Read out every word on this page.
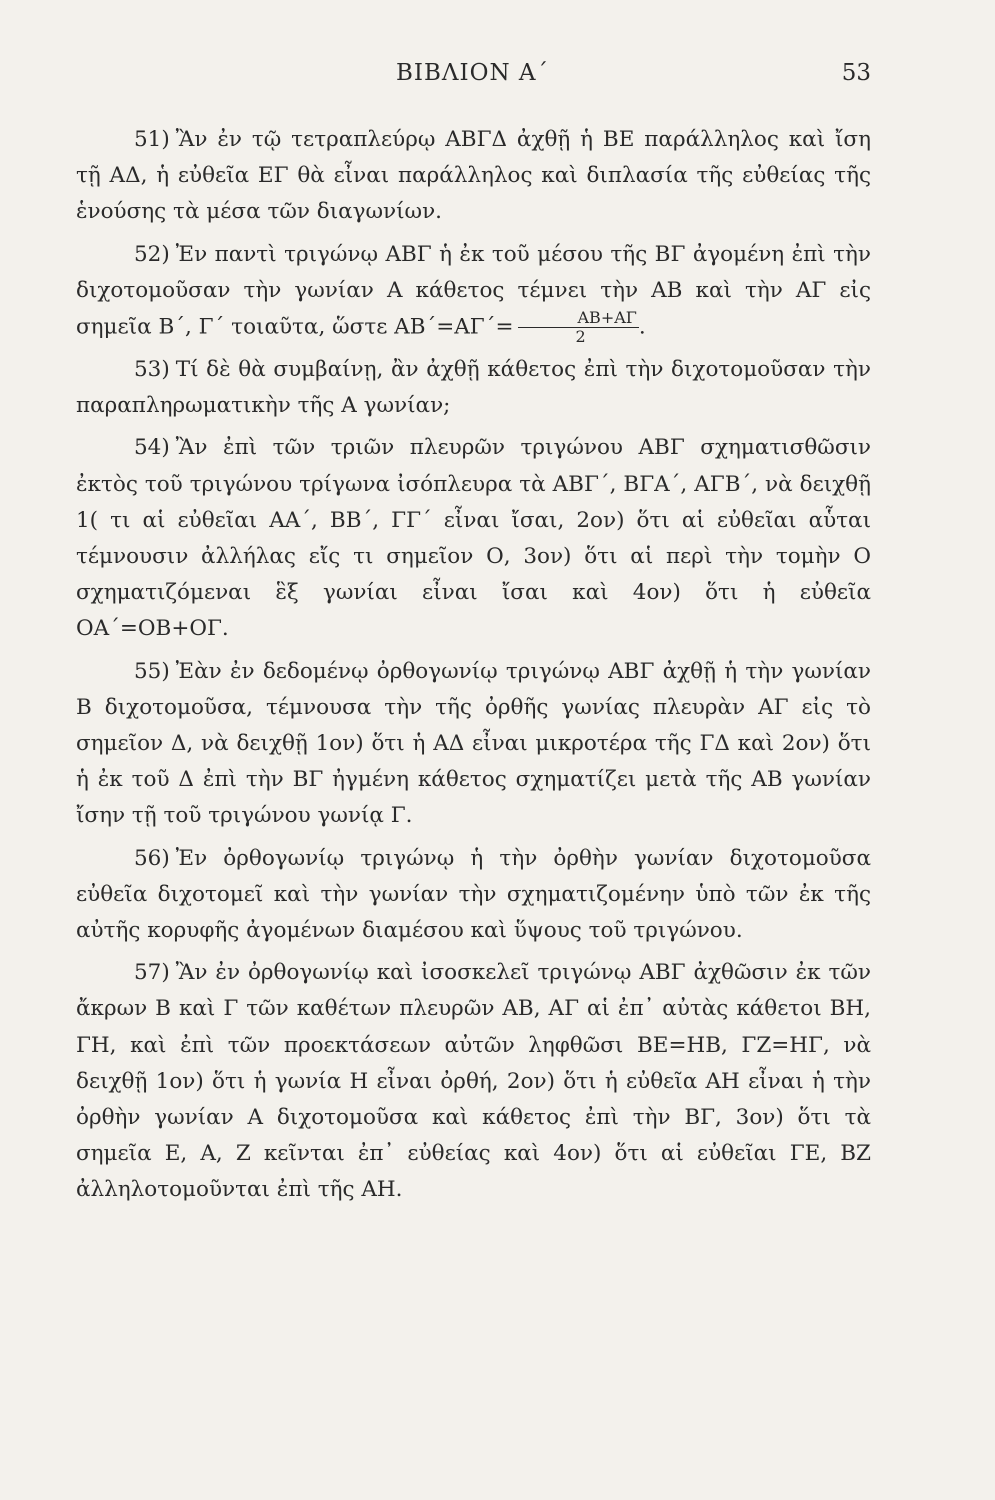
ΒΙΒΛΙΟΝ Α΄	53

51) Ἂν ἐν τῷ τετραπλεύρῳ ΑΒΓΔ ἀχθῇ ἡ ΒΕ παράλληλος καὶ ἴση τῇ ΑΔ, ἡ εὐθεῖα ΕΓ θὰ εἶναι παράλληλος καὶ διπλασία τῆς εὐθείας τῆς ἑνούσης τὰ μέσα τῶν διαγωνίων.

52) Ἐν παντὶ τριγώνῳ ΑΒΓ ἡ ἐκ τοῦ μέσου τῆς ΒΓ ἀγομένη ἐπὶ τὴν διχοτομοῦσαν τὴν γωνίαν Α κάθετος τέμνει τὴν ΑΒ καὶ τὴν ΑΓ εἰς σημεῖα Β΄, Γ΄ τοιαῦτα, ὥστε $AB΄=A\Gamma΄= \frac{AB+A\Gamma}{2}$ .

53) Τί δὲ θὰ συμβαίνῃ, ἂν ἀχθῇ κάθετος ἐπὶ τὴν διχοτομοῦσαν τὴν παραπληρωματικὴν τῆς Α γωνίαν;

54) Ἂν ἐπὶ τῶν τριῶν πλευρῶν τριγώνου ΑΒΓ σχηματισθῶσιν ἐκτὸς τοῦ τριγώνου τρίγωνα ἰσόπλευρα τὰ ΑΒΓ΄, ΒΓΑ΄, ΑΓΒ΄, νὰ δειχθῇ 1( τι αἱ εὐθεῖαι ΑΑ΄, ΒΒ΄, ΓΓ΄ εἶναι ἴσαι, 2ον) ὅτι αἱ εὐθεῖαι αὗται τέμνουσιν ἀλλήλας εἴς τι σημεῖον Ο, 3ον) ὅτι αἱ περὶ τὴν τομὴν Ο σχηματιζόμεναι ἓξ γωνίαι εἶναι ἴσαι καὶ 4ον) ὅτι ἡ εὐθεῖα ΟΑ΄=ΟΒ+ΟΓ.

55) Ἐὰν ἐν δεδομένῳ ὀρθογωνίῳ τριγώνῳ ΑΒΓ ἀχθῇ ἡ τὴν γωνίαν Β διχοτομοῦσα, τέμνουσα τὴν τῆς ὀρθῆς γωνίας πλευρὰν ΑΓ εἰς τὸ σημεῖον Δ, νὰ δειχθῇ 1ον) ὅτι ἡ ΑΔ εἶναι μικροτέρα τῆς ΓΔ καὶ 2ον) ὅτι ἡ ἐκ τοῦ Δ ἐπὶ τὴν ΒΓ ἠγμένη κάθετος σχηματίζει μετὰ τῆς ΑΒ γωνίαν ἴσην τῇ τοῦ τριγώνου γωνίᾳ Γ.

56) Ἐν ὀρθογωνίῳ τριγώνῳ ἡ τὴν ὀρθὴν γωνίαν διχοτομοῦσα εὐθεῖα διχοτομεῖ καὶ τὴν γωνίαν τὴν σχηματιζομένην ὑπὸ τῶν ἐκ τῆς αὐτῆς κορυφῆς ἀγομένων διαμέσου καὶ ὕψους τοῦ τριγώνου.

57) Ἂν ἐν ὀρθογωνίῳ καὶ ἰσοσκελεῖ τριγώνῳ ΑΒΓ ἀχθῶσιν ἐκ τῶν ἄκρων Β καὶ Γ τῶν καθέτων πλευρῶν ΑΒ, ΑΓ αἱ ἐπ᾽ αὐτὰς κάθετοι ΒΗ, ΓΗ, καὶ ἐπὶ τῶν προεκτάσεων αὐτῶν ληφθῶσι ΒΕ=ΗΒ, ΓΖ=ΗΓ, νὰ δειχθῇ 1ον) ὅτι ἡ γωνία Η εἶναι ὀρθή, 2ον) ὅτι ἡ εὐθεῖα ΑΗ εἶναι ἡ τὴν ὀρθὴν γωνίαν Α διχοτομοῦσα καὶ κάθετος ἐπὶ τὴν ΒΓ, 3ον) ὅτι τὰ σημεῖα Ε, Α, Ζ κεῖνται ἐπ᾽ εὐθείας καὶ 4ον) ὅτι αἱ εὐθεῖαι ΓΕ, ΒΖ ἀλληλοτομοῦνται ἐπὶ τῆς ΑΗ.
